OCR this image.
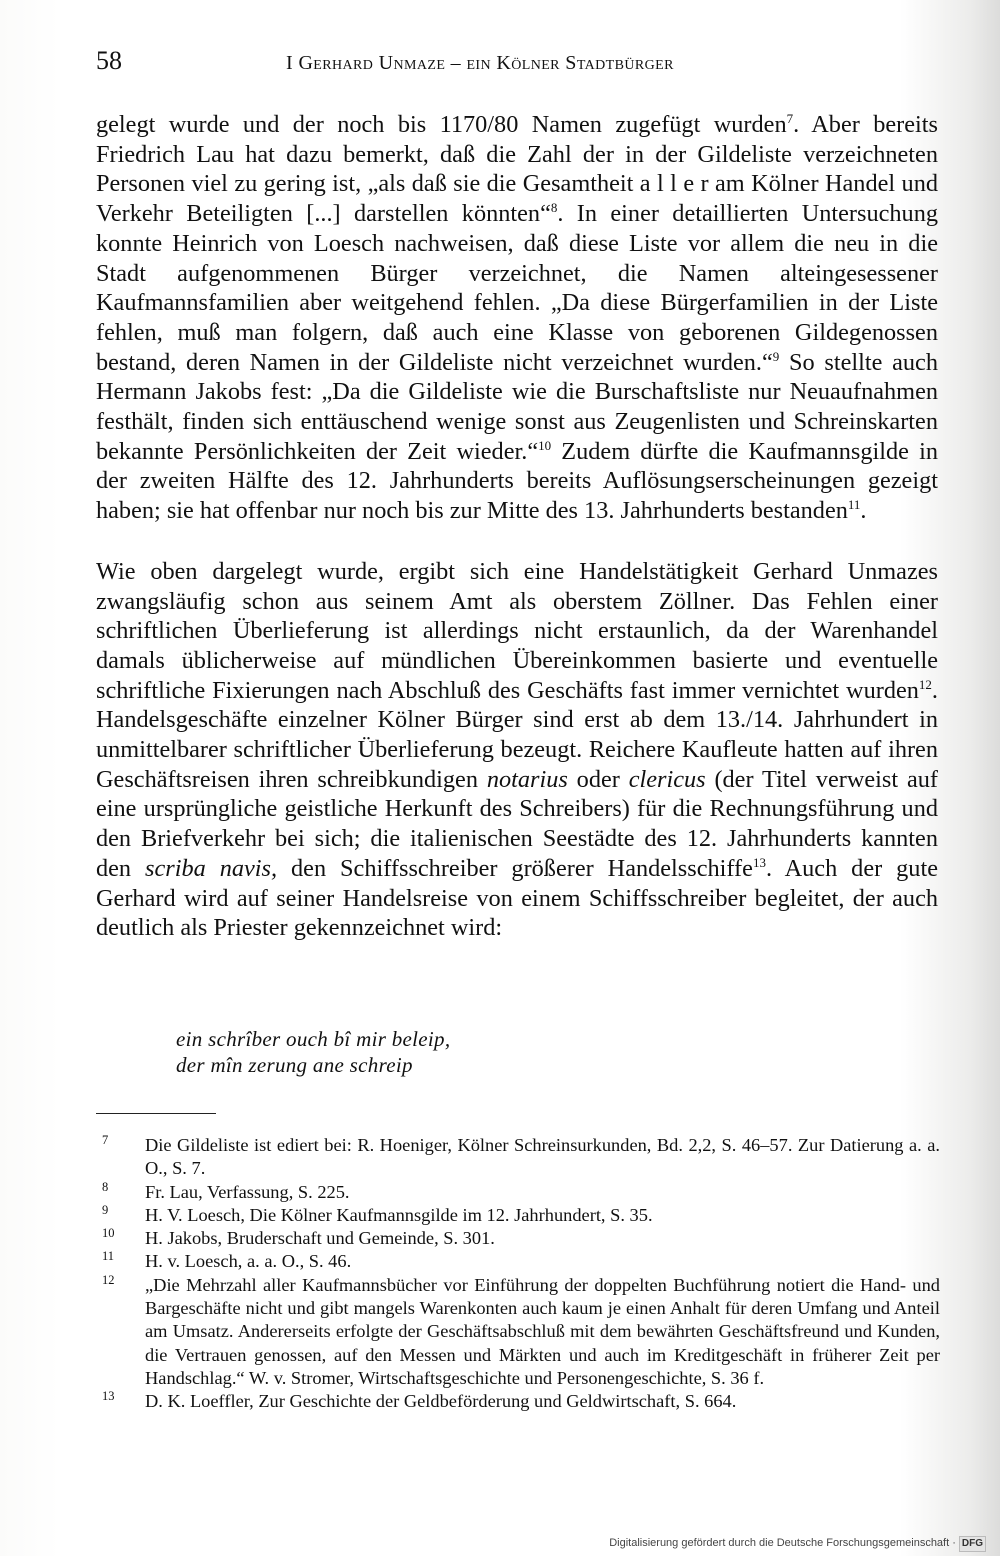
58	I Gerhard Unmaze – ein Kölner Stadtbürger

gelegt wurde und der noch bis 1170/80 Namen zugefügt wurden$^7$. Aber bereits Friedrich Lau hat dazu bemerkt, daß die Zahl der in der Gildeliste verzeichneten Personen viel zu gering ist, „als daß sie die Gesamtheit a l l e r am Kölner Handel und Verkehr Beteiligten [...] darstellen könnten“$^8$. In einer detaillierten Untersuchung konnte Heinrich von Loesch nachweisen, daß diese Liste vor allem die neu in die Stadt aufgenommenen Bürger verzeichnet, die Namen alteingesessener Kaufmannsfamilien aber weitgehend fehlen. „Da diese Bürgerfamilien in der Liste fehlen, muß man folgern, daß auch eine Klasse von geborenen Gildegenossen bestand, deren Namen in der Gildeliste nicht verzeichnet wurden.“$^9$ So stellte auch Hermann Jakobs fest: „Da die Gildeliste wie die Burschaftsliste nur Neuaufnahmen festhält, finden sich enttäuschend wenige sonst aus Zeugenlisten und Schreinskarten bekannte Persönlichkeiten der Zeit wieder.“$^{10}$ Zudem dürfte die Kaufmannsgilde in der zweiten Hälfte des 12. Jahrhunderts bereits Auflösungserscheinungen gezeigt haben; sie hat offenbar nur noch bis zur Mitte des 13. Jahrhunderts bestanden$^{11}$.

Wie oben dargelegt wurde, ergibt sich eine Handelstätigkeit Gerhard Unmazes zwangsläufig schon aus seinem Amt als oberstem Zöllner. Das Fehlen einer schriftlichen Überlieferung ist allerdings nicht erstaunlich, da der Warenhandel damals üblicherweise auf mündlichen Übereinkommen basierte und eventuelle schriftliche Fixierungen nach Abschluß des Geschäfts fast immer vernichtet wurden$^{12}$. Handelsgeschäfte einzelner Kölner Bürger sind erst ab dem 13./14. Jahrhundert in unmittelbarer schriftlicher Überlieferung bezeugt. Reichere Kaufleute hatten auf ihren Geschäftsreisen ihren schreibkundigen notarius oder clericus (der Titel verweist auf eine ursprüngliche geistliche Herkunft des Schreibers) für die Rechnungsführung und den Briefverkehr bei sich; die italienischen Seestädte des 12. Jahrhunderts kannten den scriba navis, den Schiffsschreiber größerer Handelsschiffe$^{13}$. Auch der gute Gerhard wird auf seiner Handelsreise von einem Schiffsschreiber begleitet, der auch deutlich als Priester gekennzeichnet wird:

ein schrîber ouch bî mir beleip,
der mîn zerung ane schreip
7 Die Gildeliste ist ediert bei: R. Hoeniger, Kölner Schreinsurkunden, Bd. 2,2, S. 46–57. Zur Datierung a. a. O., S. 7.
8 Fr. Lau, Verfassung, S. 225.
9 H. V. Loesch, Die Kölner Kaufmannsgilde im 12. Jahrhundert, S. 35.
10 H. Jakobs, Bruderschaft und Gemeinde, S. 301.
11 H. v. Loesch, a. a. O., S. 46.
12 „Die Mehrzahl aller Kaufmannsbücher vor Einführung der doppelten Buchführung notiert die Hand- und Bargeschäfte nicht und gibt mangels Warenkonten auch kaum je einen Anhalt für deren Umfang und Anteil am Umsatz. Andererseits erfolgte der Geschäftsabschluß mit dem bewährten Geschäftsfreund und Kunden, die Vertrauen genossen, auf den Messen und Märkten und auch im Kreditgeschäft in früherer Zeit per Handschlag.“ W. v. Stromer, Wirtschaftsgeschichte und Personengeschichte, S. 36 f.
13 D. K. Loeffler, Zur Geschichte der Geldbeförderung und Geldwirtschaft, S. 664.
Digitalisierung gefördert durch die Deutsche Forschungsgemeinschaft · DFG
